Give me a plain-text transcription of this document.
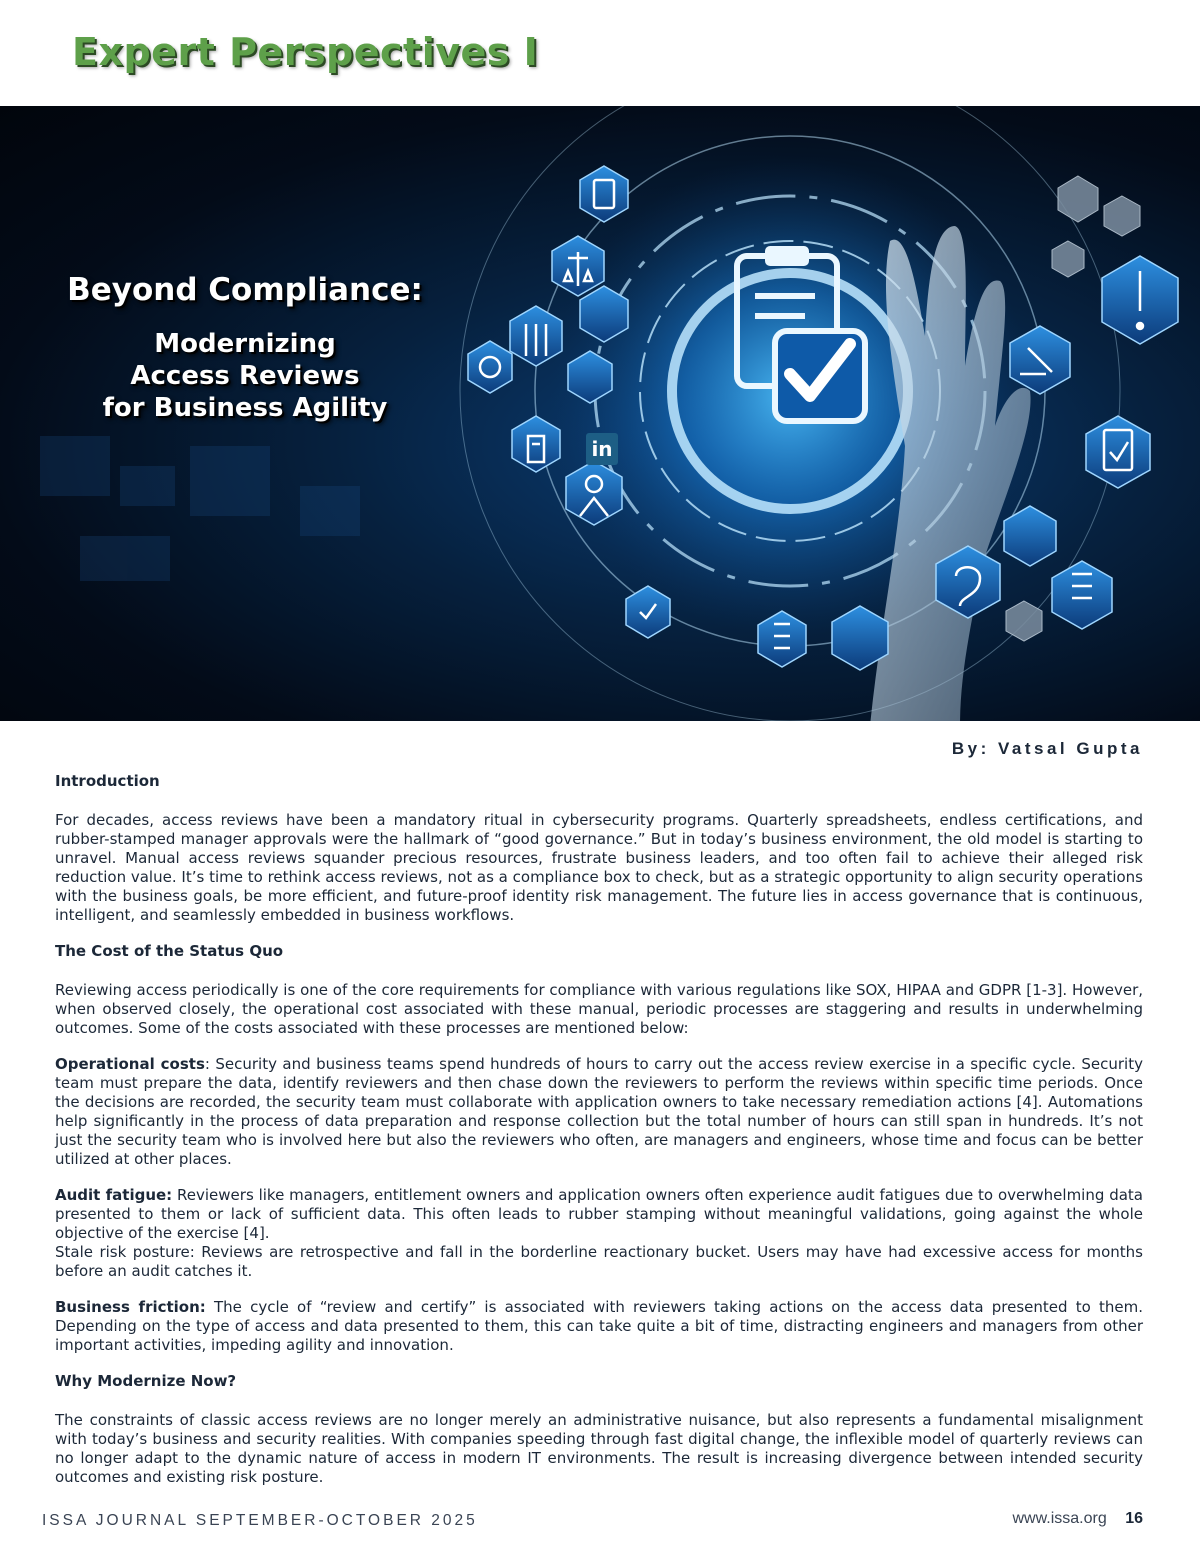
Expert Perspectives I
Beyond Compliance:
Modernizing
Access Reviews
for Business Agility
in

By: Vatsal Gupta

Introduction

For decades, access reviews have been a mandatory ritual in cybersecurity programs. Quarterly spreadsheets, endless certifications, and rubber-stamped manager approvals were the hallmark of “good governance.” But in today’s business environment, the old model is starting to unravel. Manual access reviews squander precious resources, frustrate business leaders, and too often fail to achieve their alleged risk reduction value. It’s time to rethink access reviews, not as a compliance box to check, but as a strategic opportunity to align security operations with the business goals, be more efficient, and future-proof identity risk management. The future lies in access governance that is continuous, intelligent, and seamlessly embedded in business workflows.

The Cost of the Status Quo

Reviewing access periodically is one of the core requirements for compliance with various regulations like SOX, HIPAA and GDPR [1-3]. However, when observed closely, the operational cost associated with these manual, periodic processes are staggering and results in underwhelming outcomes. Some of the costs associated with these processes are mentioned below:

Operational costs: Security and business teams spend hundreds of hours to carry out the access review exercise in a specific cycle. Security team must prepare the data, identify reviewers and then chase down the reviewers to perform the reviews within specific time periods. Once the decisions are recorded, the security team must collaborate with application owners to take necessary remediation actions [4]. Automations help significantly in the process of data preparation and response collection but the total number of hours can still span in hundreds. It’s not just the security team who is involved here but also the reviewers who often, are managers and engineers, whose time and focus can be better utilized at other places.

Audit fatigue: Reviewers like managers, entitlement owners and application owners often experience audit fatigues due to overwhelming data presented to them or lack of sufficient data. This often leads to rubber stamping without meaningful validations, going against the whole objective of the exercise [4].

Stale risk posture: Reviews are retrospective and fall in the borderline reactionary bucket. Users may have had excessive access for months before an audit catches it.

Business friction: The cycle of “review and certify” is associated with reviewers taking actions on the access data presented to them. Depending on the type of access and data presented to them, this can take quite a bit of time, distracting engineers and managers from other important activities, impeding agility and innovation.

Why Modernize Now?

The constraints of classic access reviews are no longer merely an administrative nuisance, but also represents a fundamental misalignment with today’s business and security realities. With companies speeding through fast digital change, the inflexible model of quarterly reviews can no longer adapt to the dynamic nature of access in modern IT environments. The result is increasing divergence between intended security outcomes and existing risk posture.

ISSA JOURNAL SEPTEMBER-OCTOBER 2025	www.issa.org 16
